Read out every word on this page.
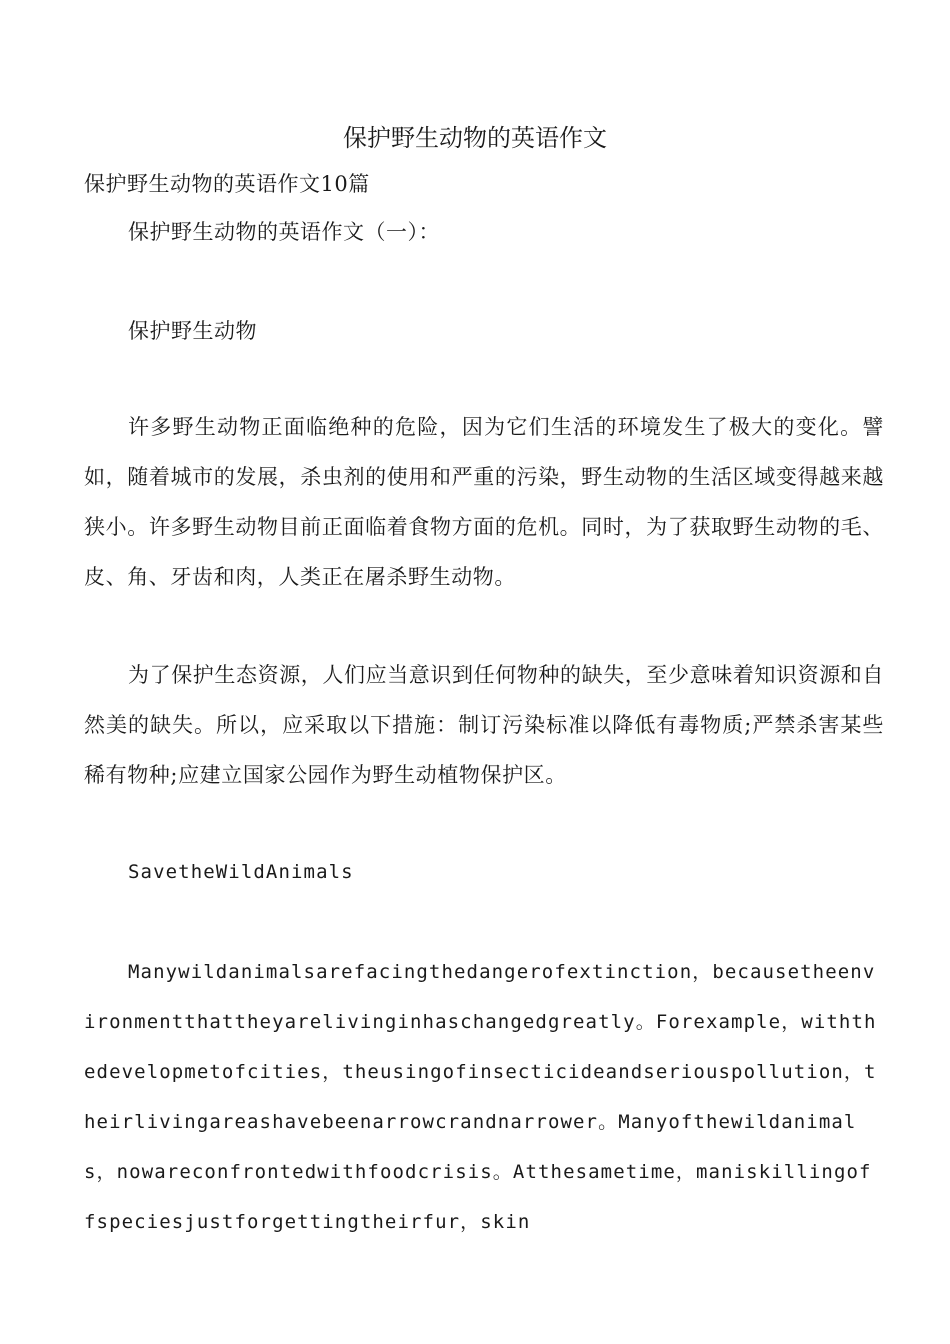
保护野生动物的英语作文
保护野生动物的英语作文10篇
保护野生动物的英语作文（一）：
保护野生动物
许多野生动物正面临绝种的危险，因为它们生活的环境发生了极大的变化。譬如，随着城市的发展，杀虫剂的使用和严重的污染，野生动物的生活区域变得越来越狭小。许多野生动物目前正面临着食物方面的危机。同时，为了获取野生动物的毛、皮、角、牙齿和肉，人类正在屠杀野生动物。
为了保护生态资源，人们应当意识到任何物种的缺失，至少意味着知识资源和自然美的缺失。所以，应采取以下措施：制订污染标准以降低有毒物质;严禁杀害某些稀有物种;应建立国家公园作为野生动植物保护区。
SavetheWildAnimals
Manywildanimalsarefacingthedangerofextinction，becausetheenvironmentthattheyarelivinginhaschangedgreatly。Forexample，withthedevelopmetofcities，theusingofinsecticideandseriouspollution，theirlivingareashavebeenarrowcrandnarrower。Manyofthewildanimals，nowareconfrontedwithfoodcrisis。Atthesametime，maniskillingoffspeciesjustforgettingtheirfur，skin
